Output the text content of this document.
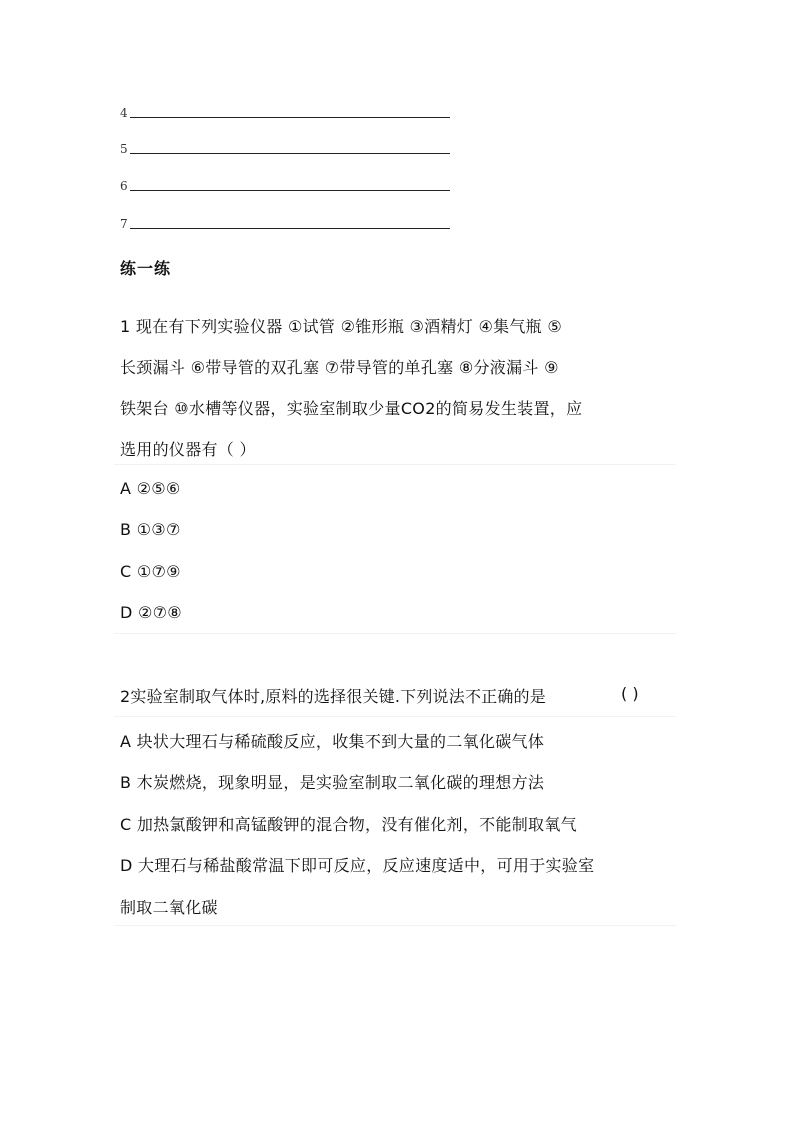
4
5
6
7
练一练
1 现在有下列实验仪器 ①试管 ②锥形瓶 ③酒精灯 ④集气瓶 ⑤
长颈漏斗 ⑥带导管的双孔塞 ⑦带导管的单孔塞 ⑧分液漏斗 ⑨
铁架台 ⑩水槽等仪器，实验室制取少量CO2的简易发生装置，应
选用的仪器有（ ）
A ②⑤⑥
B ①③⑦
C ①⑦⑨
D ②⑦⑧
2实验室制取气体时,原料的选择很关键.下列说法不正确的是	( )
A 块状大理石与稀硫酸反应，收集不到大量的二氧化碳气体
B 木炭燃烧，现象明显，是实验室制取二氧化碳的理想方法
C 加热氯酸钾和高锰酸钾的混合物，没有催化剂，不能制取氧气
D 大理石与稀盐酸常温下即可反应，反应速度适中，可用于实验室
制取二氧化碳
